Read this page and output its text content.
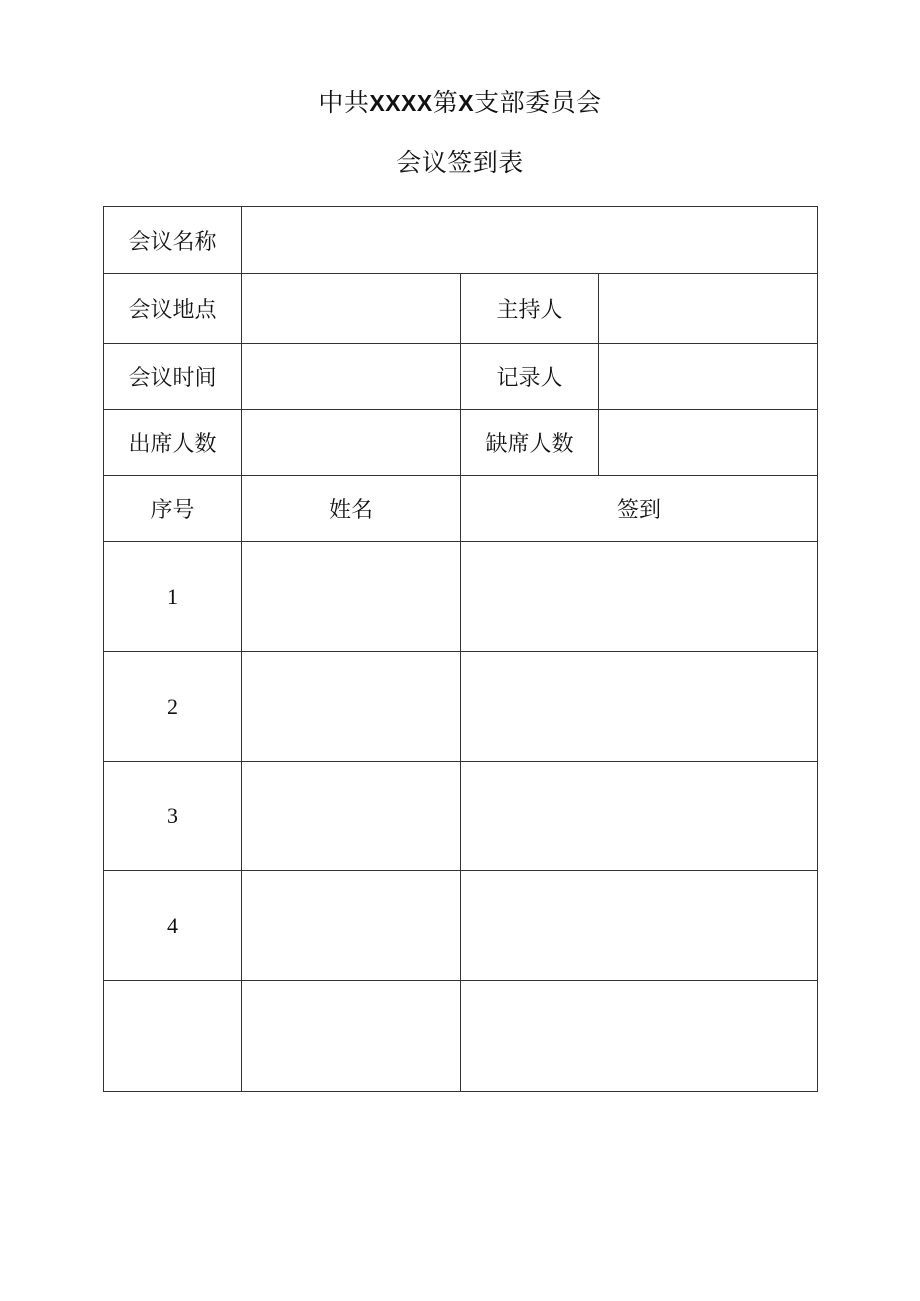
中共XXXX第X支部委员会
会议签到表
会议名称			
会议地点		主持人	
会议时间		记录人	
出席人数		缺席人数	
序号	姓名	签到	
1			
2			
3			
4			
